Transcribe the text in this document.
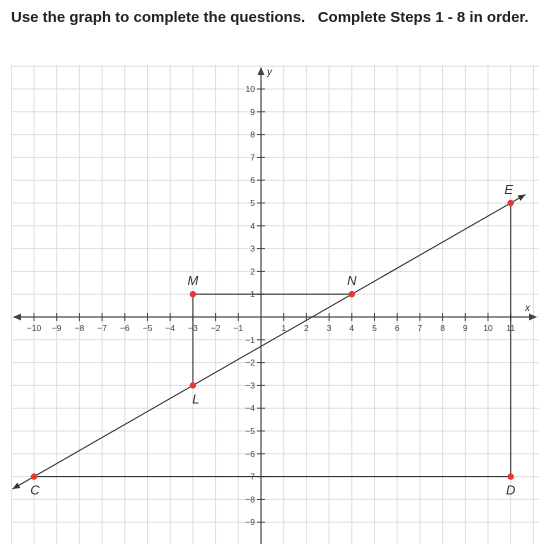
Use the graph to complete the questions.   Complete Steps 1 - 8 in order.

x
y
−10 −9 −8 −7 −6 −5 −4 −3 −2 −1	1 2 3 4 5 6 7 8 9 10 11
10
9
8
7
6
5
4
3
2
1
−1
−2
−3
−4
−5
−6
−7
−8
−9
M	N
E
L
C	D
